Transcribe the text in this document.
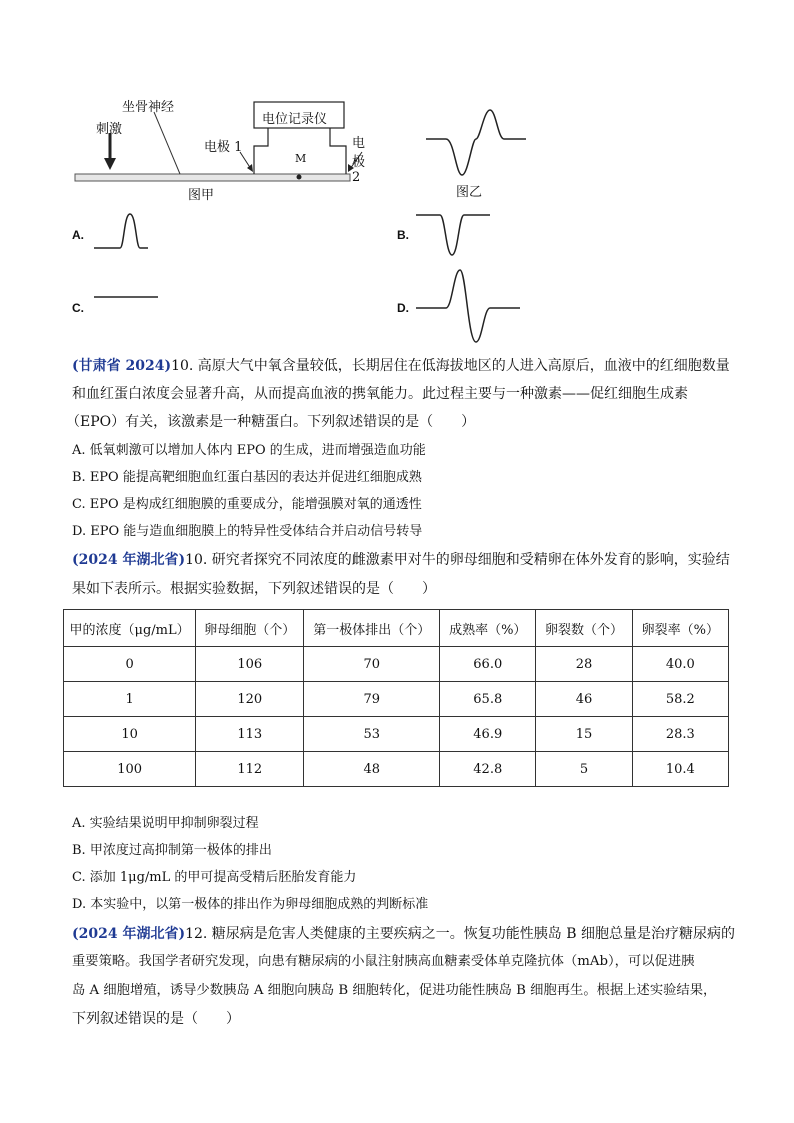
坐骨神经
刺激
电位记录仪
电极 1	电极 2
M
图甲	图乙
A.	B.
C.	D.
(甘肃省 2024)10. 高原大气中氧含量较低，长期居住在低海拔地区的人进入高原后，血液中的红细胞数量
和血红蛋白浓度会显著升高，从而提高血液的携氧能力。此过程主要与一种激素——促红细胞生成素
（EPO）有关，该激素是一种糖蛋白。下列叙述错误的是（　　）
A. 低氧刺激可以增加人体内 EPO 的生成，进而增强造血功能
B. EPO 能提高靶细胞血红蛋白基因的表达并促进红细胞成熟
C. EPO 是构成红细胞膜的重要成分，能增强膜对氧的通透性
D. EPO 能与造血细胞膜上的特异性受体结合并启动信号转导
(2024 年湖北省)10. 研究者探究不同浓度的雌激素甲对牛的卵母细胞和受精卵在体外发育的影响，实验结
果如下表所示。根据实验数据，下列叙述错误的是（　　）
甲的浓度（μg/mL）	卵母细胞（个）	第一极体排出（个）	成熟率（%）	卵裂数（个）	卵裂率（%）
0	106	70	66.0	28	40.0
1	120	79	65.8	46	58.2
10	113	53	46.9	15	28.3
100	112	48	42.8	5	10.4
A. 实验结果说明甲抑制卵裂过程
B. 甲浓度过高抑制第一极体的排出
C. 添加 1μg/mL 的甲可提高受精后胚胎发育能力
D. 本实验中，以第一极体的排出作为卵母细胞成熟的判断标准
(2024 年湖北省)12. 糖尿病是危害人类健康的主要疾病之一。恢复功能性胰岛 B 细胞总量是治疗糖尿病的
重要策略。我国学者研究发现，向患有糖尿病的小鼠注射胰高血糖素受体单克隆抗体（mAb），可以促进胰
岛 A 细胞增殖，诱导少数胰岛 A 细胞向胰岛 B 细胞转化，促进功能性胰岛 B 细胞再生。根据上述实验结果，
下列叙述错误的是（　　）
